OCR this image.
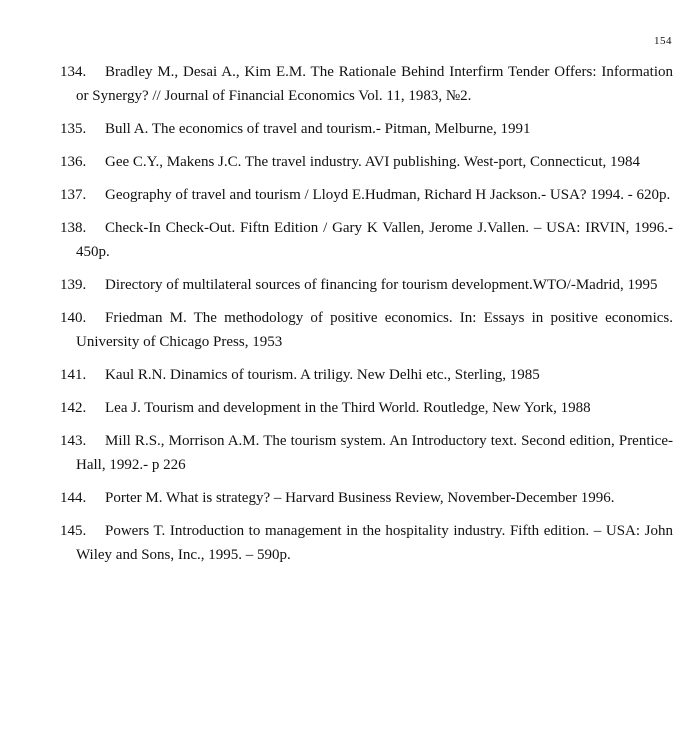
154
134. Bradley M., Desai A., Kim E.M. The Rationale Behind Interfirm Tender Offers: Information or Synergy? // Journal of Financial Economics Vol. 11, 1983, №2.
135. Bull A. The economics of travel and tourism.- Pitman, Melburne, 1991
136. Gee C.Y., Makens J.C. The travel industry. AVI publishing. West-port, Connecticut, 1984
137. Geography of travel and tourism / Lloyd E.Hudman, Richard H Jackson.- USA? 1994. - 620p.
138. Check-In Check-Out. Fiftn Edition / Gary K Vallen, Jerome J.Vallen. – USA: IRVIN, 1996.- 450p.
139. Directory of multilateral sources of financing for tourism development.WTO/-Madrid, 1995
140. Friedman M. The methodology of positive economics. In: Essays in positive economics. University of Chicago Press, 1953
141. Kaul R.N. Dinamics of tourism. A triligy. New Delhi etc., Sterling, 1985
142. Lea J. Tourism and development in the Third World. Routledge, New York, 1988
143. Mill R.S., Morrison A.M. The tourism system. An Introductory text. Second edition, Prentice-Hall, 1992.- p 226
144. Porter M. What is strategy? – Harvard Business Review, November-December 1996.
145. Powers T. Introduction to management in the hospitality industry. Fifth edition. – USA: John Wiley and Sons, Inc., 1995. – 590p.
